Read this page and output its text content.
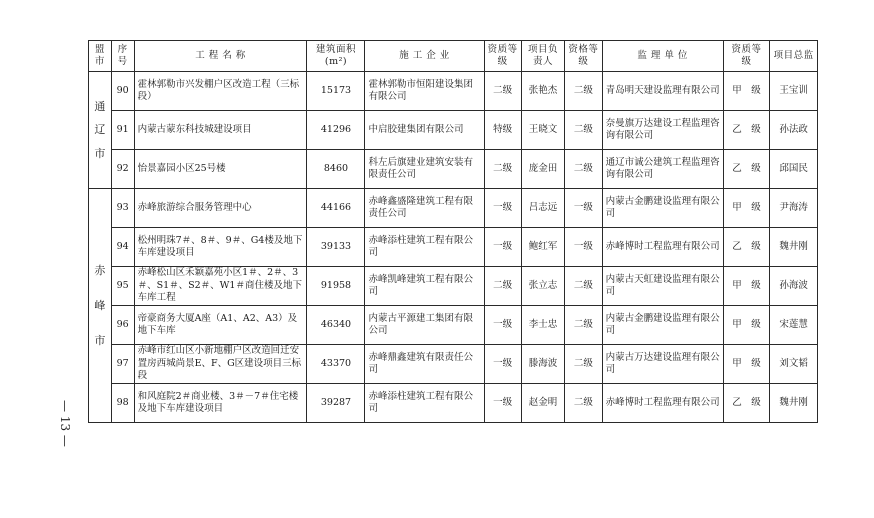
盟市	序号	工 程 名 称	建筑面积(m²)	施 工 企 业	资质等级	项目负责人	资格等级	监 理 单 位	资质等级	项目总监

通
辽
市	90	霍林郭勒市兴发棚户区改造工程（三标段）	15173	霍林郭勒市恒阳建设集团有限公司	二级	张艳杰	二级	青岛明天建设监理有限公司	甲　级	王宝训
	91	内蒙古蒙东科技城建设项目	41296	中启胶建集团有限公司	特级	王晓文	二级	奈曼旗万达建设工程监理咨询有限公司	乙　级	孙法政
	92	怡景嘉园小区25号楼	8460	科左后旗建业建筑安装有限责任公司	二级	庞金田	二级	通辽市诚公建筑工程监理咨询有限公司	乙　级	邱国民

赤
峰
市	93	赤峰旅游综合服务管理中心	44166	赤峰鑫盛隆建筑工程有限责任公司	一级	吕志远	一级	内蒙古金鹏建设监理有限公司	甲　级	尹海涛
	94	松州明珠7＃、8＃、9＃、G4楼及地下车库建设项目	39133	赤峰添柱建筑工程有限公司	一级	鲍红军	一级	赤峰博时工程监理有限公司	乙　级	魏井刚
	95	赤峰松山区禾颖嘉苑小区1＃、2＃、3＃、S1＃、S2＃、W1＃商住楼及地下车库工程	91958	赤峰凯峰建筑工程有限公司	二级	张立志	二级	内蒙古天虹建设监理有限公司	甲　级	孙海波
	96	帝豪商务大厦A座（A1、A2、A3）及地下车库	46340	内蒙古平源建工集团有限公司	一级	李士忠	二级	内蒙古金鹏建设监理有限公司	甲　级	宋莲慧
	97	赤峰市红山区小新地棚户区改造回迁安置房西城尚景E、F、G区建设项目三标段	43370	赤峰鼎鑫建筑有限责任公司	一级	滕海波	二级	内蒙古万达建设监理有限公司	甲　级	刘文韬
	98	和风庭院2＃商业楼、3＃－7＃住宅楼及地下车库建设项目	39287	赤峰添柱建筑工程有限公司	一级	赵金明	二级	赤峰博时工程监理有限公司	乙　级	魏井刚
— 13 —
